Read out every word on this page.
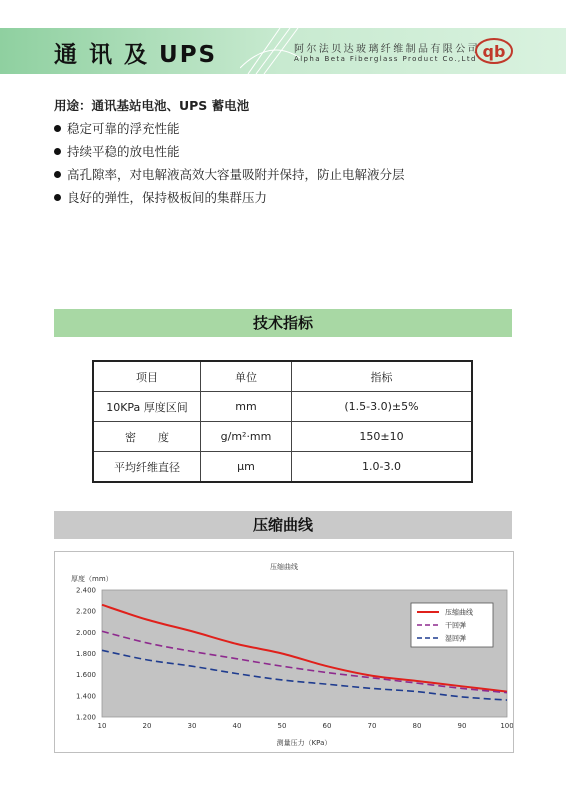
通 讯 及 UPS	阿尔法贝达玻璃纤维制品有限公司
Alpha Beta Fiberglass Product Co.,Ltd qb
用途：通讯基站电池、UPS 蓄电池
稳定可靠的浮充性能
持续平稳的放电性能
高孔隙率，对电解液高效大容量吸附并保持，防止电解液分层
良好的弹性，保持极板间的集群压力
技术指标
项目	单位	指标
10KPa 厚度区间	mm	(1.5-3.0)±5%
密　　度	g/m²·mm	150±10
平均纤维直径	μm	1.0-3.0
压缩曲线
压缩曲线
厚度（mm）
测量压力（KPa）
2.400
2.200
2.000
1.800
1.600
1.400
1.200
10	20	30	40	50	60	70	80	90	100
压缩曲线
干回弹
湿回弹
